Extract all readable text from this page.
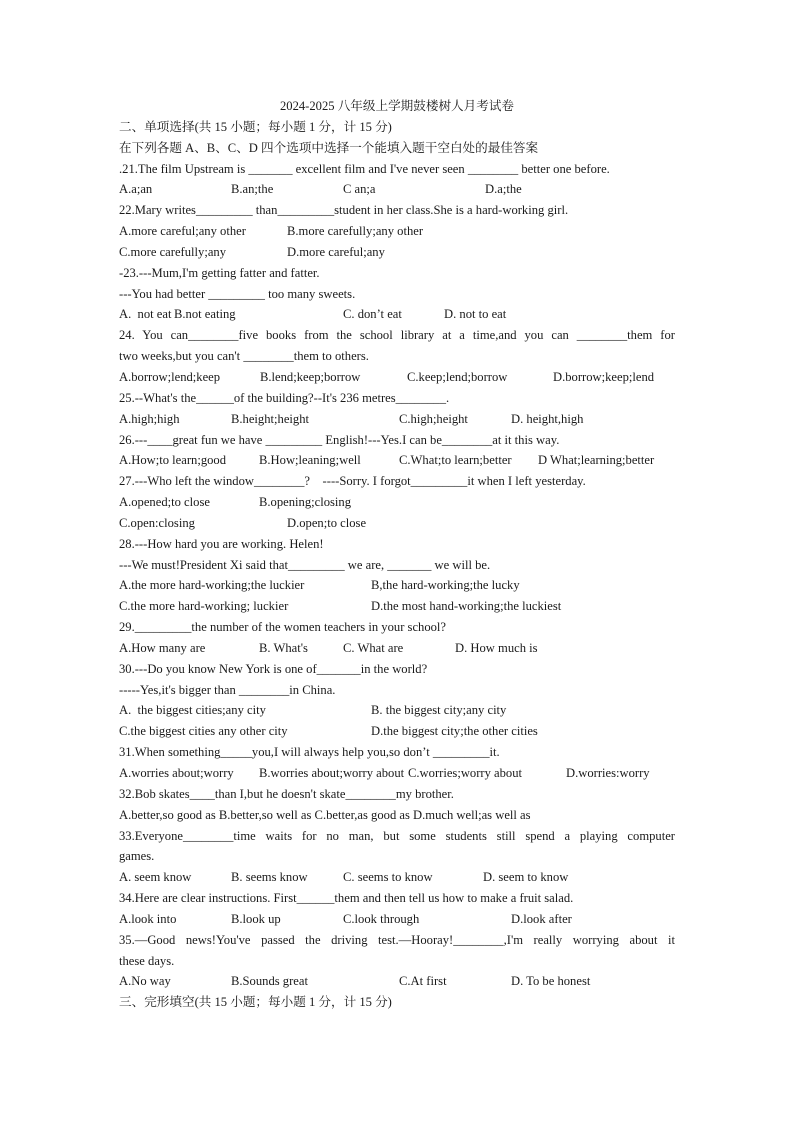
2024-2025 八年级上学期鼓楼树人月考试卷
二、单项选择(共 15 小题；每小题 1 分，计 15 分)
在下列各题 A、B、C、D 四个选项中选择一个能填入题干空白处的最佳答案
.21.The film Upstream is _______ excellent film and I've never seen ________ better one before.
A.a;an	B.an;the	C an;a	D.a;the
22.Mary writes_________ than_________student in her class.She is a hard-working girl.
A.more careful;any other	B.more carefully;any other
C.more carefully;any	D.more careful;any
-23.---Mum,I'm getting fatter and fatter.
---You had better _________ too many sweets.
A.  not eat B.not eating	C. don’t eat	D. not to eat
24. You can________five books from the school library at a time,and you can ________them for
two weeks,but you can't ________them to others.
A.borrow;lend;keep	B.lend;keep;borrow	C.keep;lend;borrow	D.borrow;keep;lend
25.--What's the______of the building?--It's 236 metres________.
A.high;high	B.height;height	C.high;height	D. height,high
26.---____great fun we have _________ English!---Yes.I can be________at it this way.
A.How;to learn;good	B.How;leaning;well	C.What;to learn;better	D What;learning;better
27.---Who left the window________?    ----Sorry. I forgot_________it when I left yesterday.
A.opened;to close	B.opening;closing
C.open:closing	D.open;to close
28.---How hard you are working. Helen!
---We must!President Xi said that_________ we are, _______ we will be.
A.the more hard-working;the luckier	B,the hard-working;the lucky
C.the more hard-working; luckier	D.the most hand-working;the luckiest
29._________the number of the women teachers in your school?
A.How many are	B. What's	C. What are	D. How much is
30.---Do you know New York is one of_______in the world?
-----Yes,it's bigger than ________in China.
A.  the biggest cities;any city	B. the biggest city;any city
C.the biggest cities any other city	D.the biggest city;the other cities
31.When something_____you,I will always help you,so don’t _________it.
A.worries about;worry	B.worries about;worry about C.worries;worry about	D.worries:worry
32.Bob skates____than I,but he doesn't skate________my brother.
A.better,so good as B.better,so well as C.better,as good as D.much well;as well as
33.Everyone________time waits for no man, but some students still spend a playing computer
games.
A. seem know	B. seems know	C. seems to know	D. seem to know
34.Here are clear instructions. First______them and then tell us how to make a fruit salad.
A.look into	B.look up	C.look through	D.look after
35.—Good news!You've passed the driving test.—Hooray!________,I'm really worrying about it
these days.
A.No way	B.Sounds great	C.At first	D. To be honest
三、完形填空(共 15 小题；每小题 1 分，计 15 分)
